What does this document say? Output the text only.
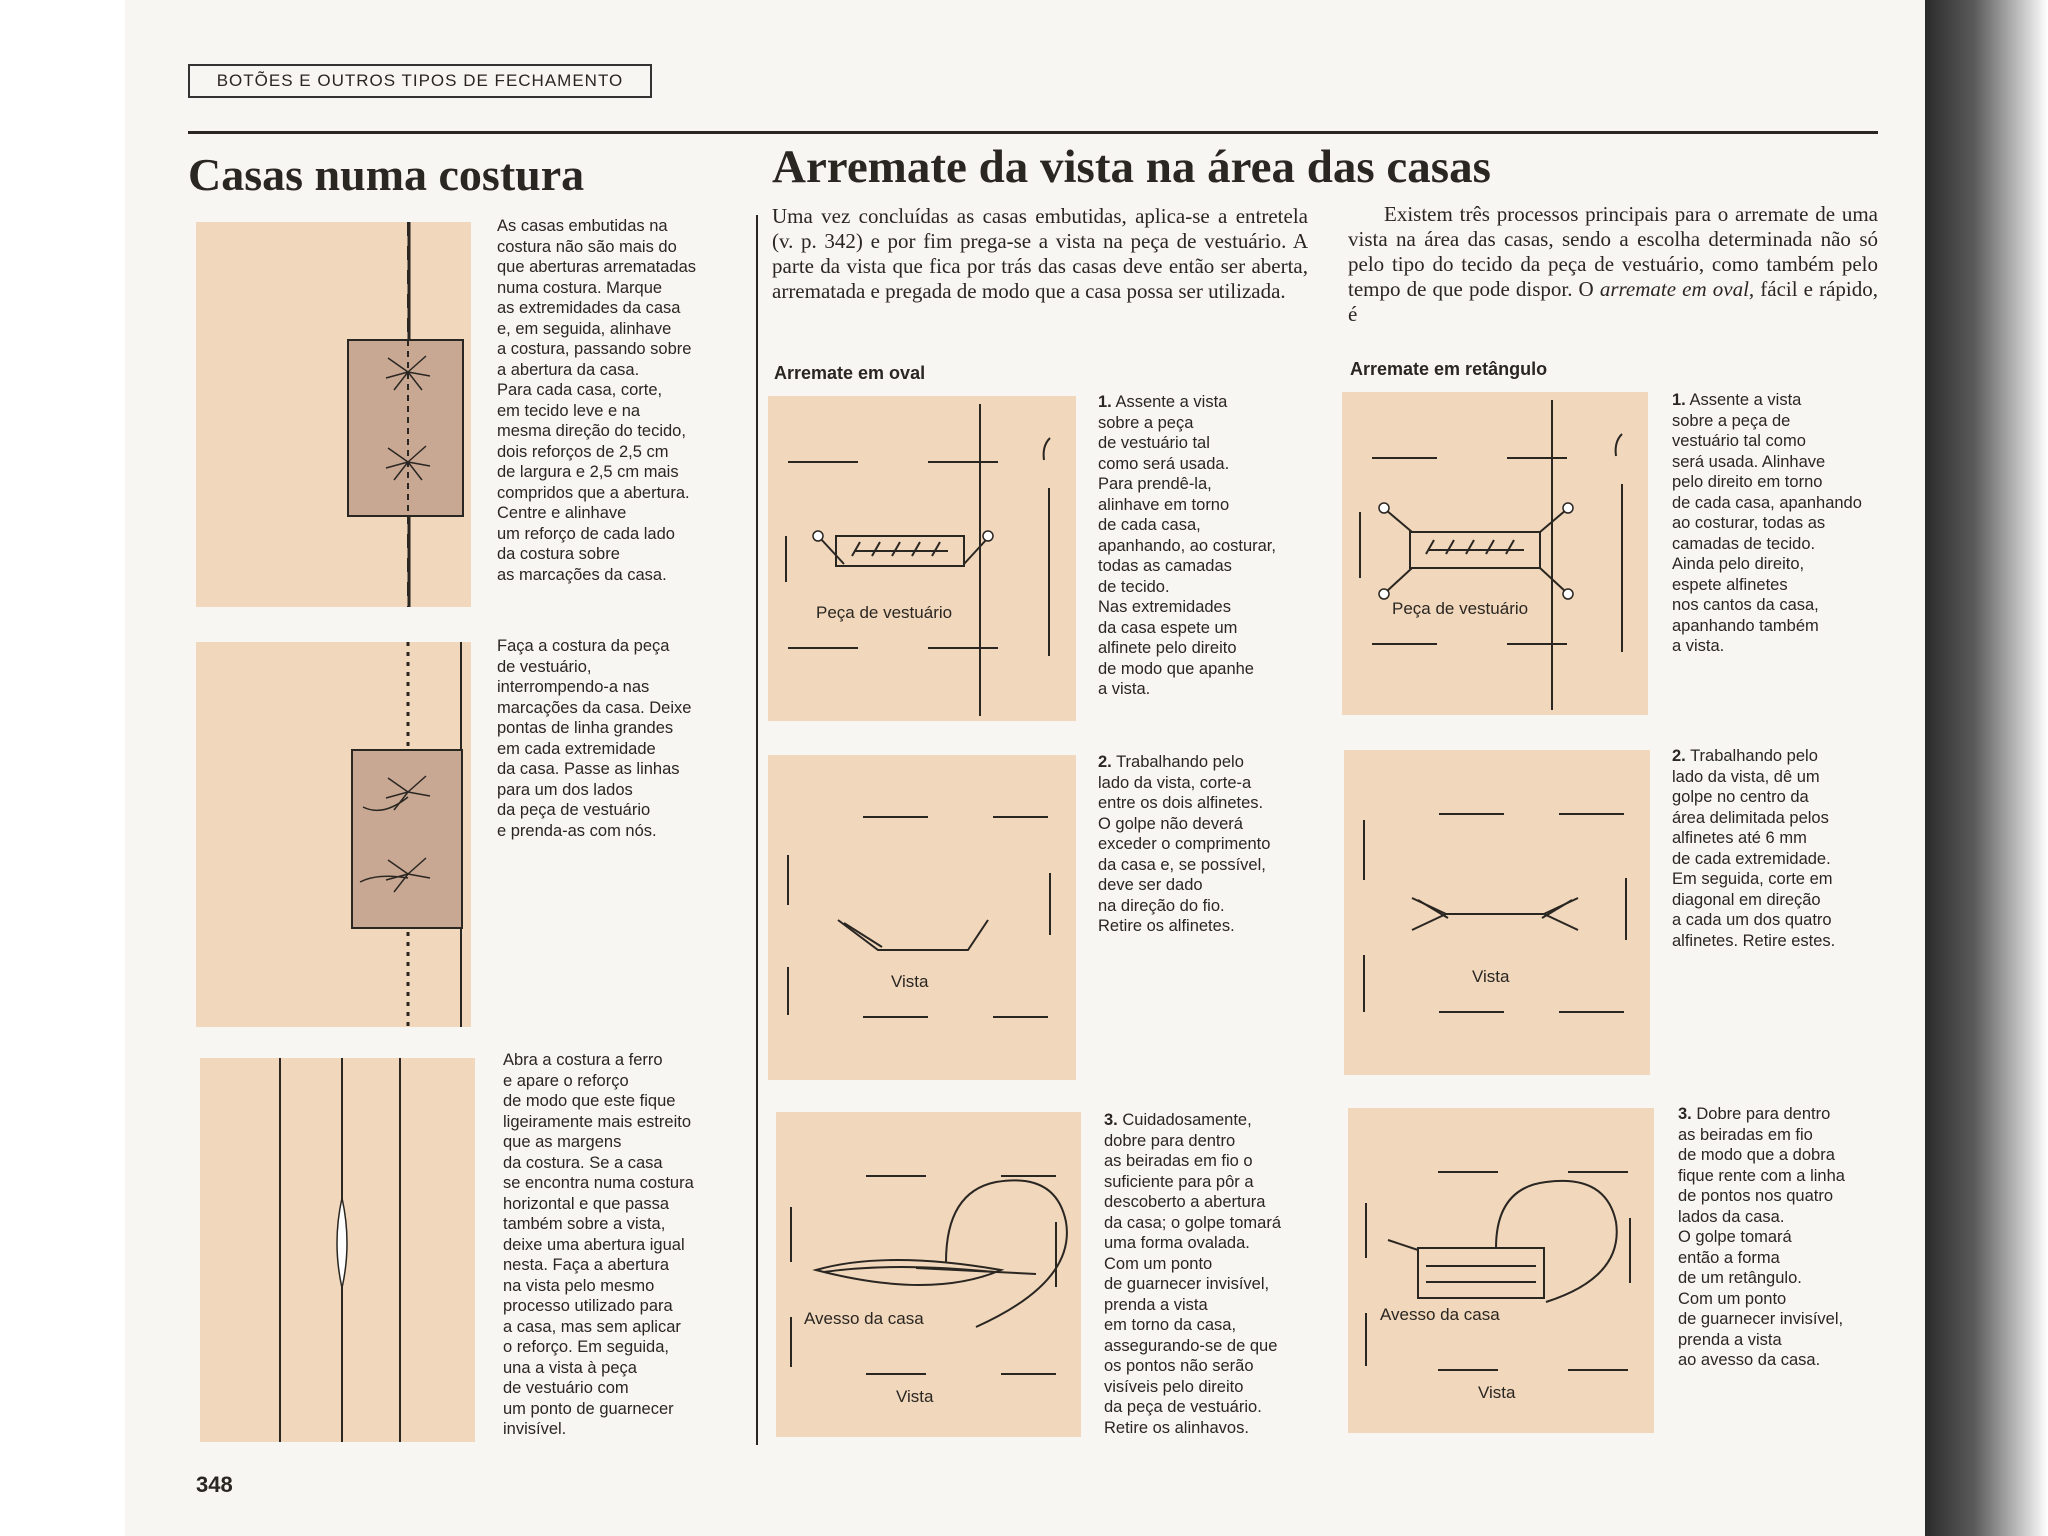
BOTÕES E OUTROS TIPOS DE FECHAMENTO
Casas numa costura
As casas embutidas na
costura não são mais do
que aberturas arrematadas
numa costura. Marque
as extremidades da casa
e, em seguida, alinhave
a costura, passando sobre
a abertura da casa.
Para cada casa, corte,
em tecido leve e na
mesma direção do tecido,
dois reforços de 2,5 cm
de largura e 2,5 cm mais
compridos que a abertura.
Centre e alinhave
um reforço de cada lado
da costura sobre
as marcações da casa.
Faça a costura da peça
de vestuário,
interrompendo-a nas
marcações da casa. Deixe
pontas de linha grandes
em cada extremidade
da casa. Passe as linhas
para um dos lados
da peça de vestuário
e prenda-as com nós.
Abra a costura a ferro
e apare o reforço
de modo que este fique
ligeiramente mais estreito
que as margens
da costura. Se a casa
se encontra numa costura
horizontal e que passa
também sobre a vista,
deixe uma abertura igual
nesta. Faça a abertura
na vista pelo mesmo
processo utilizado para
a casa, mas sem aplicar
o reforço. Em seguida,
una a vista à peça
de vestuário com
um ponto de guarnecer
invisível.
Arremate da vista na área das casas
Uma vez concluídas as casas embutidas, aplica-se a entretela (v. p. 342) e por fim prega-se a vista na peça de vestuário. A parte da vista que fica por trás das casas deve então ser aberta, arrematada e pregada de modo que a casa possa ser utilizada.
Existem três processos principais para o arremate de uma vista na área das casas, sendo a escolha determinada não só pelo tipo do tecido da peça de vestuário, como também pelo tempo de que pode dispor. O arremate em oval, fácil e rápido, é
Arremate em oval	Arremate em retângulo
Peça de vestuário
1. Assente a vista
sobre a peça
de vestuário tal
como será usada.
Para prendê-la,
alinhave em torno
de cada casa,
apanhando, ao costurar,
todas as camadas
de tecido.
Nas extremidades
da casa espete um
alfinete pelo direito
de modo que apanhe
a vista.
Vista
2. Trabalhando pelo
lado da vista, corte-a
entre os dois alfinetes.
O golpe não deverá
exceder o comprimento
da casa e, se possível,
deve ser dado
na direção do fio.
Retire os alfinetes.
Avesso da casa
Vista
3. Cuidadosamente,
dobre para dentro
as beiradas em fio o
suficiente para pôr a
descoberto a abertura
da casa; o golpe tomará
uma forma ovalada.
Com um ponto
de guarnecer invisível,
prenda a vista
em torno da casa,
assegurando-se de que
os pontos não serão
visíveis pelo direito
da peça de vestuário.
Retire os alinhavos.
Peça de vestuário
1. Assente a vista
sobre a peça de
vestuário tal como
será usada. Alinhave
pelo direito em torno
de cada casa, apanhando
ao costurar, todas as
camadas de tecido.
Ainda pelo direito,
espete alfinetes
nos cantos da casa,
apanhando também
a vista.
Vista
2. Trabalhando pelo
lado da vista, dê um
golpe no centro da
área delimitada pelos
alfinetes até 6 mm
de cada extremidade.
Em seguida, corte em
diagonal em direção
a cada um dos quatro
alfinetes. Retire estes.
Avesso da casa
Vista
3. Dobre para dentro
as beiradas em fio
de modo que a dobra
fique rente com a linha
de pontos nos quatro
lados da casa.
O golpe tomará
então a forma
de um retângulo.
Com um ponto
de guarnecer invisível,
prenda a vista
ao avesso da casa.
348
